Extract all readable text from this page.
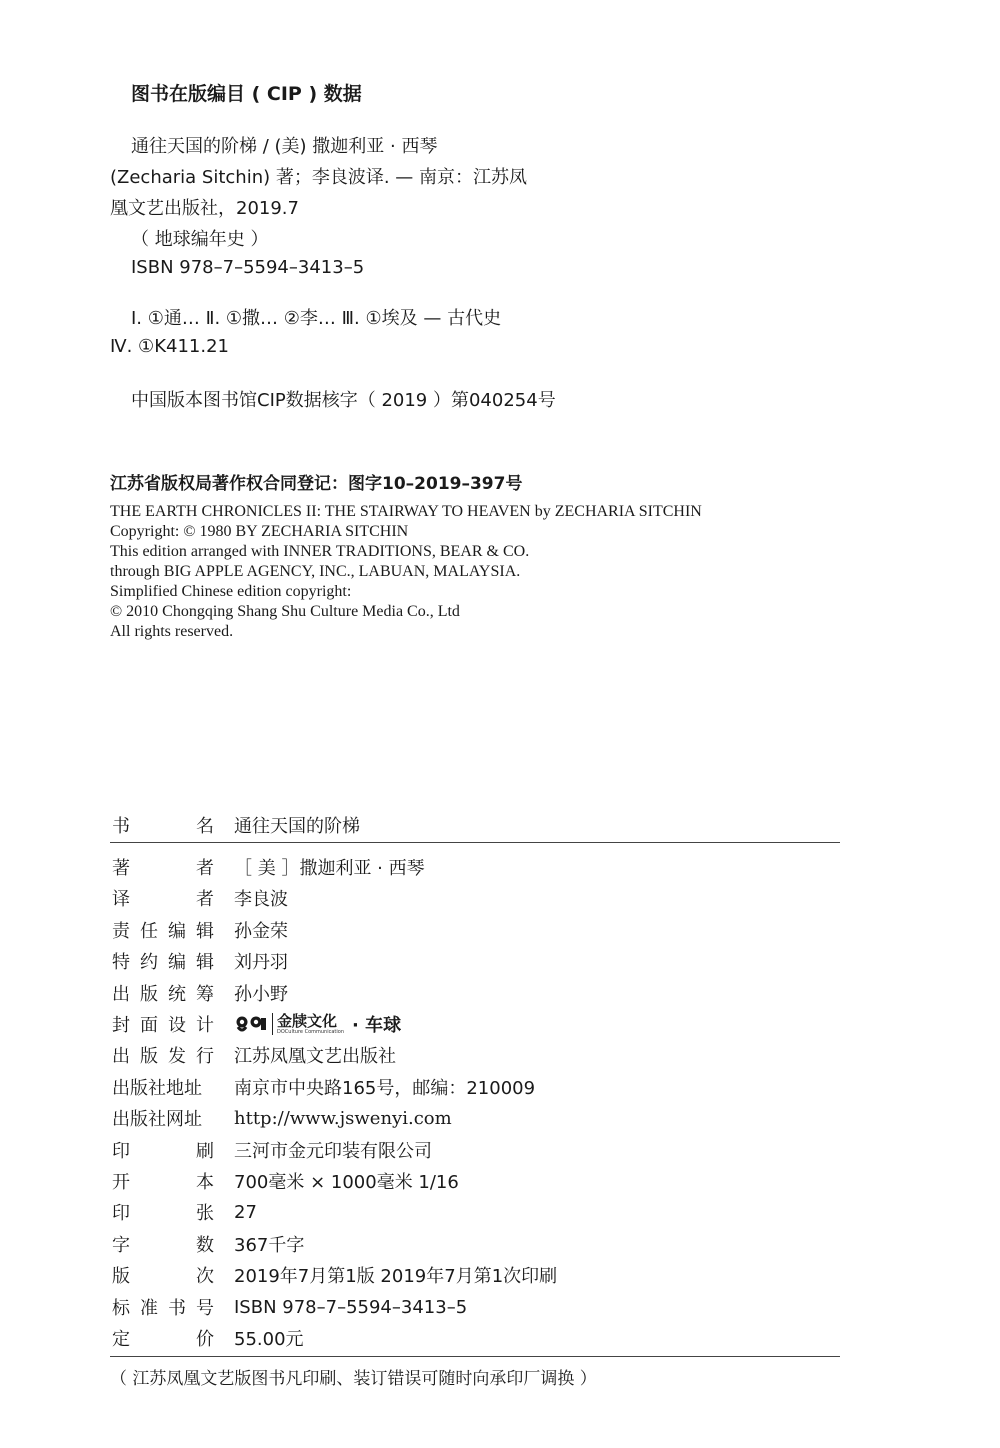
图书在版编目 ( CIP ) 数据

通往天国的阶梯 / (美) 撒迦利亚 · 西琴

(Zecharia Sitchin) 著；李良波译. — 南京：江苏凤

凰文艺出版社，2019.7

（ 地球编年史 ）

ISBN 978–7–5594–3413–5

Ⅰ. ①通… Ⅱ. ①撒… ②李… Ⅲ. ①埃及 — 古代史

Ⅳ. ①K411.21

中国版本图书馆CIP数据核字（ 2019 ）第040254号

江苏省版权局著作权合同登记：图字10–2019–397号

THE EARTH CHRONICLES II: THE STAIRWAY TO HEAVEN by ZECHARIA SITCHIN

Copyright: © 1980 BY ZECHARIA SITCHIN

This edition arranged with INNER TRADITIONS, BEAR & CO.

through BIG APPLE AGENCY, INC., LABUAN, MALAYSIA.

Simplified Chinese edition copyright:

© 2010 Chongqing Shang Shu Culture Media Co., Ltd

All rights reserved.

书	名 通往天国的阶梯
著	者 ［ 美 ］撒迦利亚 · 西琴
译	者 李良波
责 任 编 辑 孙金荣
特 约 编 辑 刘丹羽
出 版 统 筹 孙小野
封 面 设 计	金牍文化
DOCulture Communication · 车球
出 版 发 行 江苏凤凰文艺出版社
出版社地址 南京市中央路165号，邮编：210009
出版社网址 http://www.jswenyi.com
印	刷 三河市金元印装有限公司
开	本 700毫米 × 1000毫米 1/16
印	张 27
字	数 367千字
版	次 2019年7月第1版 2019年7月第1次印刷
标 准 书 号 ISBN 978–7–5594–3413–5
定	价 55.00元

（ 江苏凤凰文艺版图书凡印刷、装订错误可随时向承印厂调换 ）
